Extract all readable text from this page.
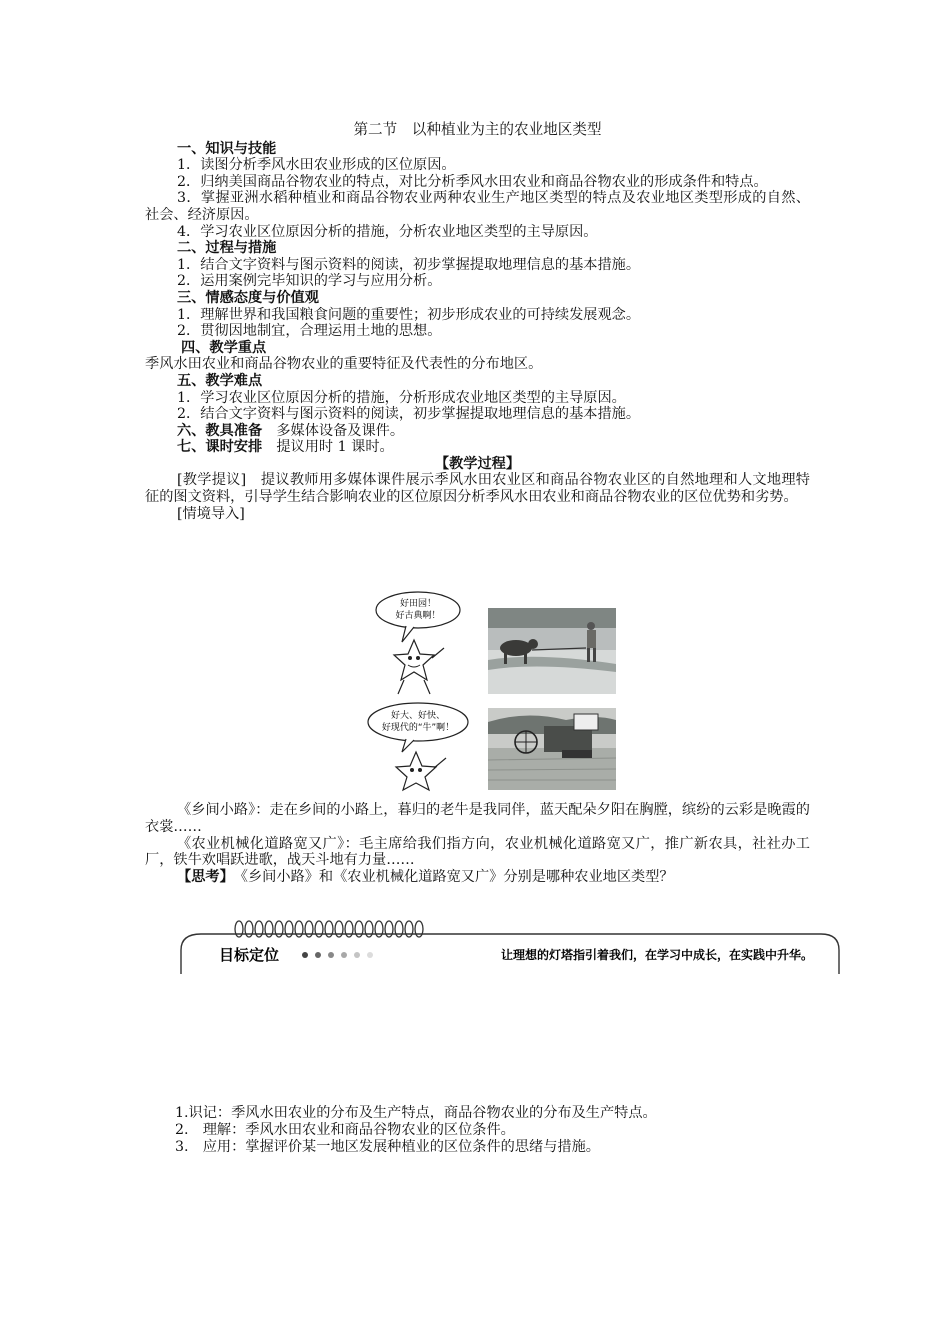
第二节　以种植业为主的农业地区类型
一、知识与技能
1．读图分析季风水田农业形成的区位原因。
2．归纳美国商品谷物农业的特点，对比分析季风水田农业和商品谷物农业的形成条件和特点。
3．掌握亚洲水稻种植业和商品谷物农业两种农业生产地区类型的特点及农业地区类型形成的自然、社会、经济原因。
4．学习农业区位原因分析的措施，分析农业地区类型的主导原因。
二、过程与措施
1．结合文字资料与图示资料的阅读，初步掌握提取地理信息的基本措施。
2．运用案例完毕知识的学习与应用分析。
三、情感态度与价值观
1．理解世界和我国粮食问题的重要性；初步形成农业的可持续发展观念。
2．贯彻因地制宜，合理运用土地的思想。
四、教学重点
季风水田农业和商品谷物农业的重要特征及代表性的分布地区。
五、教学难点
1．学习农业区位原因分析的措施，分析形成农业地区类型的主导原因。
2．结合文字资料与图示资料的阅读，初步掌握提取地理信息的基本措施。
六、教具准备　 多媒体设备及课件。
七、课时安排　 提议用时 1 课时。
【教学过程】
[教学提议]　 提议教师用多媒体课件展示季风水田农业区和商品谷物农业区的自然地理和人文地理特征的图文资料，引导学生结合影响农业的区位原因分析季风水田农业和商品谷物农业的区位优势和劣势。
[情境导入]
好田园！
好古典啊！
好大、好快、
好现代的“牛”啊！
《乡间小路》：走在乡间的小路上，暮归的老牛是我同伴，蓝天配朵夕阳在胸膛，缤纷的云彩是晚霞的衣裳……
《农业机械化道路宽又广》：毛主席给我们指方向，农业机械化道路宽又广，推广新农具，社社办工厂，铁牛欢唱跃进歌，战天斗地有力量……
【思考】　 《乡间小路》和《农业机械化道路宽又广》分别是哪种农业地区类型？
目标定位	让理想的灯塔指引着我们，在学习中成长，在实践中升华。
1.识记：季风水田农业的分布及生产特点，商品谷物农业的分布及生产特点。
2.　理解：季风水田农业和商品谷物农业的区位条件。
3.　应用：掌握评价某一地区发展种植业的区位条件的思绪与措施。
